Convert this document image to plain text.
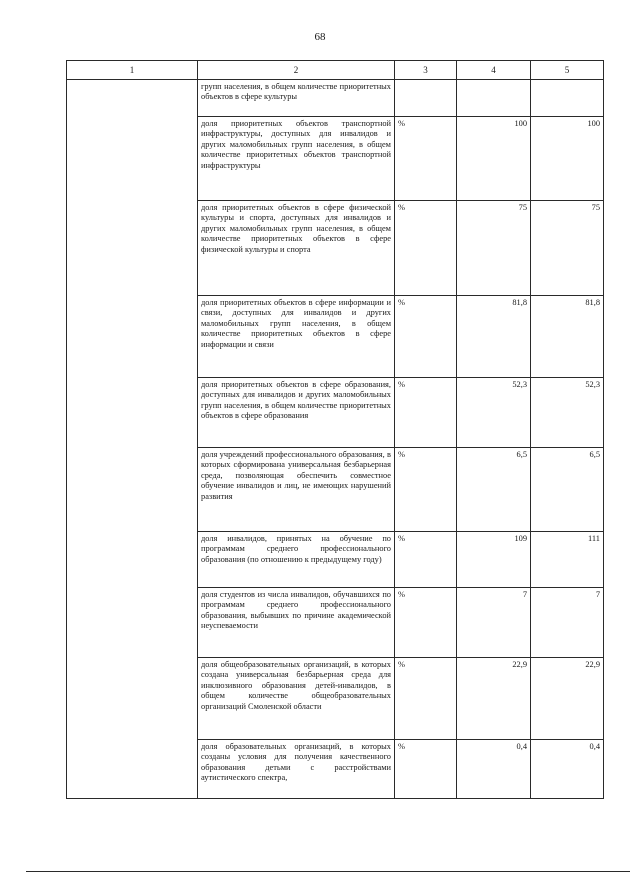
68
1	2	3	4	5
	групп населения, в общем количестве приоритетных объектов в сфере культуры			
	доля приоритетных объектов транспортной инфраструктуры, доступных для инвалидов и других маломобильных групп населения, в общем количестве приоритетных объектов транспортной инфраструктуры	%	100	100
	доля приоритетных объектов в сфере физической культуры и спорта, доступных для инвалидов и других маломобильных групп населения, в общем количестве приоритетных объектов в сфере физической культуры и спорта	%	75	75
	доля приоритетных объектов в сфере информации и связи, доступных для инвалидов и других маломобильных групп населения, в общем количестве приоритетных объектов в сфере информации и связи	%	81,8	81,8
	доля приоритетных объектов в сфере образования, доступных для инвалидов и других маломобильных групп населения, в общем количестве приоритетных объектов в сфере образования	%	52,3	52,3
	доля учреждений профессионального образования, в которых сформирована универсальная безбарьерная среда, позволяющая обеспечить совместное обучение инвалидов и лиц, не имеющих нарушений развития	%	6,5	6,5
	доля инвалидов, принятых на обучение по программам среднего профессионального образования (по отношению к предыдущему году)	%	109	111
	доля студентов из числа инвалидов, обучавшихся по программам среднего профессионального образования, выбывших по причине академической неуспеваемости	%	7	7
	доля общеобразовательных организаций, в которых создана универсальная безбарьерная среда для инклюзивного образования детей-инвалидов, в общем количестве общеобразовательных организаций Смоленской области	%	22,9	22,9
	доля образовательных организаций, в которых созданы условия для получения качественного образования детьми с расстройствами аутистического спектра,	%	0,4	0,4
